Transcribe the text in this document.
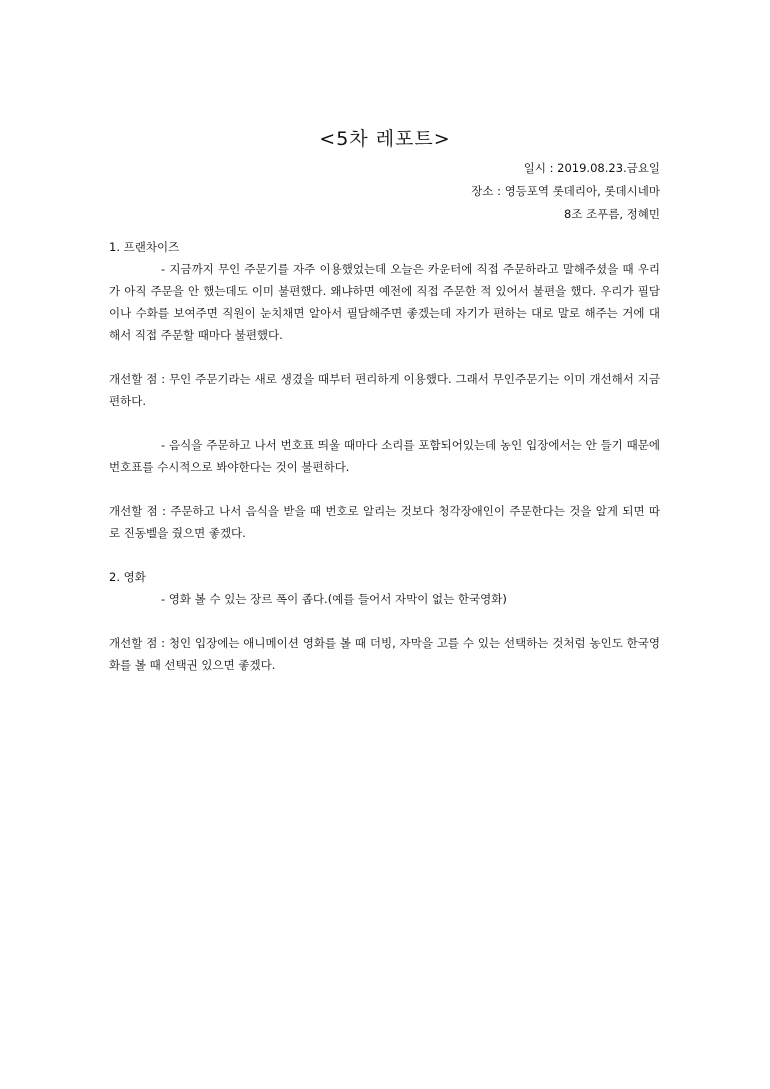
<5차 레포트>
일시 : 2019.08.23.금요일
장소 : 영등포역 롯데리아, 롯데시네마
8조 조푸름, 정혜민

1. 프랜차이즈

- 지금까지 무인 주문기를 자주 이용했었는데 오늘은 카운터에 직접 주문하라고 말해주셨을 때 우리가 아직 주문을 안 했는데도 이미 불편했다. 왜냐하면 예전에 직접 주문한 적 있어서 불편을 했다. 우리가 필담이나 수화를 보여주면 직원이 눈치채면 알아서 필담해주면 좋겠는데 자기가 편하는 대로 말로 해주는 거에 대해서 직접 주문할 때마다 불편했다.

개선할 점 : 무인 주문기라는 새로 생겼을 때부터 편리하게 이용했다. 그래서 무인주문기는 이미 개선해서 지금 편하다.

- 음식을 주문하고 나서 번호표 띄울 때마다 소리를 포함되어있는데 농인 입장에서는 안 들기 때문에 번호표를 수시적으로 봐야한다는 것이 불편하다.

개선할 점 : 주문하고 나서 음식을 받을 때 번호로 알리는 것보다 청각장애인이 주문한다는 것을 알게 되면 따로 진동벨을 줬으면 좋겠다.

2. 영화

- 영화 볼 수 있는 장르 폭이 좁다.(예를 들어서 자막이 없는 한국영화)

개선할 점 : 청인 입장에는 애니메이션 영화를 볼 때 더빙, 자막을 고를 수 있는 선택하는 것처럼 농인도 한국영화를 볼 때 선택권 있으면 좋겠다.
